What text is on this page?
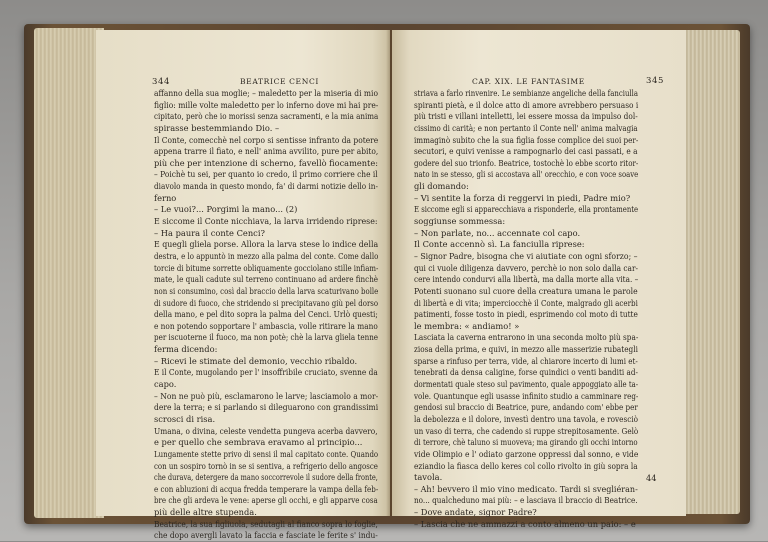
344	BEATRICE CENCI
affanno della sua moglie; – maledetto per la miseria di mio
figlio: mille volte maledetto per lo inferno dove mi hai pre-
cipitato, però che io morissi senza sacramenti, e la mia anima
spirasse bestemmiando Dio. –
Il Conte, comecchè nel corpo si sentisse infranto da potere
appena trarre il fiato, e nell' anima avvilito, pure per abito,
più che per intenzione di scherno, favellò fiocamente:
– Poichè tu sei, per quanto io credo, il primo corriere che il
diavolo manda in questo mondo, fa' di darmi notizie dello in-
ferno
– Le vuoi?... Porgimi la mano... (2)
E siccome il Conte nicchiava, la larva irridendo riprese:
– Ha paura il conte Cenci?
E quegli gliela porse. Allora la larva stese lo indice della
destra, e lo appuntò in mezzo alla palma del conte. Come dallo
torcie di bitume sorrette obliquamente gocciolano stille infiam-
mate, le quali cadute sul terreno continuano ad ardere finchè
non si consumino, così dal braccio della larva scaturivano bolle
di sudore di fuoco, che stridendo si precipitavano giù pel dorso
della mano, e pel dito sopra la palma del Cenci. Urlò questi;
e non potendo sopportare l' ambascia, volle ritirare la mano
per iscuoterne il fuoco, ma non potè; chè la larva gliela tenne
ferma dicendo:
– Ricevi le stimate del demonio, vecchio ribaldo.
E il Conte, mugolando per l' insoffribile cruciato, svenne da
capo.
– Non ne può più, esclamarono le larve; lasciamolo a mor-
dere la terra; e si parlando si dileguarono con grandissimi
scrosci di risa.
Umana, o divina, celeste vendetta pungeva acerba davvero,
e per quello che sembrava eravamo al principio...
Lungamente stette privo di sensi il mal capitato conte. Quando
con un sospiro tornò in se si sentiva, a refrigerio dello angosce
che durava, detergere da mano soccorrevole il sudore della fronte,
e con abluzioni di acqua fredda temperare la vampa della feb-
bre che gli ardeva le vene: aperse gli occhi, e gli apparve cosa
più delle altre stupenda.
Beatrice, la sua figliuola, sedutagli al fianco sopra lo foglie,
che dopo avergli lavato la faccia e fasciate le ferite s' indu-
CAP. XIX. LE FANTASIME	345
striava a farlo rinvenire. Le sembianze angeliche della fanciulla
spiranti pietà, e il dolce atto di amore avrebbero persuaso i
più tristi e villani intelletti, lei essere mossa da impulso dol-
cissimo di carità; e non pertanto il Conte nell' anima malvagia
immaginò subito che la sua figlia fosse complice dei suoi per-
secutori, e quivi venisse a rampognarlo dei casi passati, e a
godere del suo trionfo. Beatrice, tostochè lo ebbe scorto ritor-
nato in se stesso, gli si accostava all' orecchio, e con voce soave
gli domando:
– Vi sentite la forza di reggervi in piedi, Padre mio?
E siccome egli si apparecchiava a risponderle, ella prontamente
soggiunse sommessa:
– Non parlate, no... accennate col capo.
Il Conte accennò sì. La fanciulla riprese:
– Signor Padre, bisogna che vi aiutiate con ogni sforzo; –
qui ci vuole diligenza davvero, perchè io non solo dalla car-
cere intendo condurvi alla libertà, ma dalla morte alla vita. –
Potenti suonano sul cuore della creatura umana le parole
di libertà e di vita; imperciocchè il Conte, malgrado gli acerbi
patimenti, fosse tosto in piedi, esprimendo col moto di tutte
le membra: « andiamo! »
Lasciata la caverna entrarono in una seconda molto più spa-
ziosa della prima, e quivi, in mezzo alle masserizie rubategli
sparse a rinfuso per terra, vide, al chiarore incerto di lumi et-
tenebrati da densa caligine, forse quindici o venti banditi ad-
dormentati quale steso sul pavimento, quale appoggiato alle ta-
vole. Quantunque egli usasse infinito studio a camminare reg-
gendosi sul braccio di Beatrice, pure, andando com' ebbe per
la debolezza e il dolore, investì dentro una tavola, e rovesciò
un vaso di terra, che cadendo si ruppe strepitosamente. Gelò
di terrore, chè taluno si muoveva; ma girando gli occhi intorno
vide Olimpio e l' odiato garzone oppressi dal sonno, e vide
eziandio la fiasca dello keres col collo rivolto in giù sopra la
tavola.
– Ah! bevvero il mio vino medicato. Tardi si svegliéran-
no... qualcheduno mai più: – e lasciava il braccio di Beatrice.
– Dove andate, signor Padre?
– Lascia che ne ammazzi a conto almeno un paio: – e
44
